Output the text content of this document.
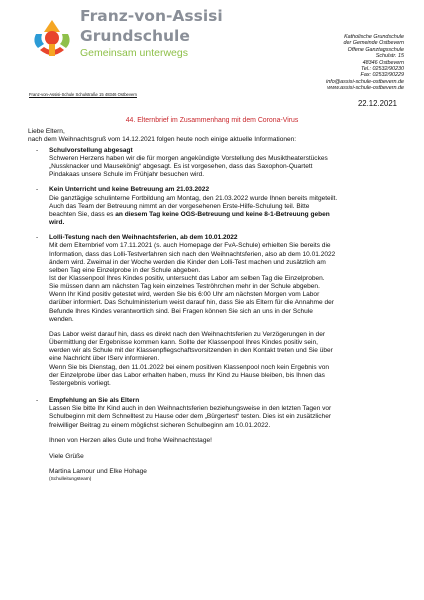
Franz-von-Assisi
Grundschule
Gemeinsam unterwegs
Katholische Grundschule
der Gemeinde Ostbevern
Offene Ganztagsschule
Schulstr. 15
48346 Ostbevern
Tel.: 02532/90230
Fax: 02532/90229
info@assisi-schule-ostbevern.de
www.assisi-schule-ostbevern.de
Franz-von-Assisi-Schule Schulstraße 15 48346 Ostbevern
22.12.2021
44. Elternbrief im Zusammenhang mit dem Corona-Virus

Liebe Eltern,

nach dem Weihnachtsgruß vom 14.12.2021 folgen heute noch einige aktuelle Informationen:

- Schulvorstellung abgesagt

Schweren Herzens haben wir die für morgen angekündigte Vorstellung des Musiktheaterstückes

„Nussknacker und Mausekönig“ abgesagt. Es ist vorgesehen, dass das Saxophon-Quartett

Pindakaas unsere Schule im Frühjahr besuchen wird.

- Kein Unterricht und keine Betreuung am 21.03.2022

Die ganztägige schulinterne Fortbildung am Montag, den 21.03.2022 wurde Ihnen bereits mitgeteilt.

Auch das Team der Betreuung nimmt an der vorgesehenen Erste-Hilfe-Schulung teil. Bitte

beachten Sie, dass es an diesem Tag keine OGS-Betreuung und keine 8-1-Betreuung geben

wird.

- Lolli-Testung nach den Weihnachtsferien, ab dem 10.01.2022

Mit dem Elternbrief vom 17.11.2021 (s. auch Homepage der FvA-Schule) erhielten Sie bereits die

Information, dass das Lolli-Testverfahren sich nach den Weihnachtsferien, also ab dem 10.01.2022

ändern wird. Zweimal in der Woche werden die Kinder den Lolli-Test machen und zusätzlich am

selben Tag eine Einzelprobe in der Schule abgeben.

Ist der Klassenpool Ihres Kindes positiv, untersucht das Labor am selben Tag die Einzelproben.

Sie müssen dann am nächsten Tag kein einzelnes Teströhrchen mehr in der Schule abgeben.

Wenn Ihr Kind positiv getestet wird, werden Sie bis 6:00 Uhr am nächsten Morgen vom Labor

darüber informiert. Das Schulministerium weist darauf hin, dass Sie als Eltern für die Annahme der

Befunde Ihres Kindes verantwortlich sind. Bei Fragen können Sie sich an uns in der Schule

wenden.

Das Labor weist darauf hin, dass es direkt nach den Weihnachtsferien zu Verzögerungen in der

Übermittlung der Ergebnisse kommen kann. Sollte der Klassenpool Ihres Kindes positiv sein,

werden wir als Schule mit der Klassenpflegschaftsvorsitzenden in den Kontakt treten und Sie über

eine Nachricht über IServ informieren.

Wenn Sie bis Dienstag, den 11.01.2022 bei einem positiven Klassenpool noch kein Ergebnis von

der Einzelprobe über das Labor erhalten haben, muss Ihr Kind zu Hause bleiben, bis Ihnen das

Testergebnis vorliegt.

- Empfehlung an Sie als Eltern

Lassen Sie bitte Ihr Kind auch in den Weihnachtsferien beziehungsweise in den letzten Tagen vor

Schulbeginn mit dem Schnelltest zu Hause oder dem „Bürgertest“ testen. Dies ist ein zusätzlicher

freiwilliger Beitrag zu einem möglichst sicheren Schulbeginn am 10.01.2022.

Ihnen von Herzen alles Gute und frohe Weihnachtstage!

Viele Grüße

Martina Lamour und Elke Hohage

(Schulleitungsteam)
